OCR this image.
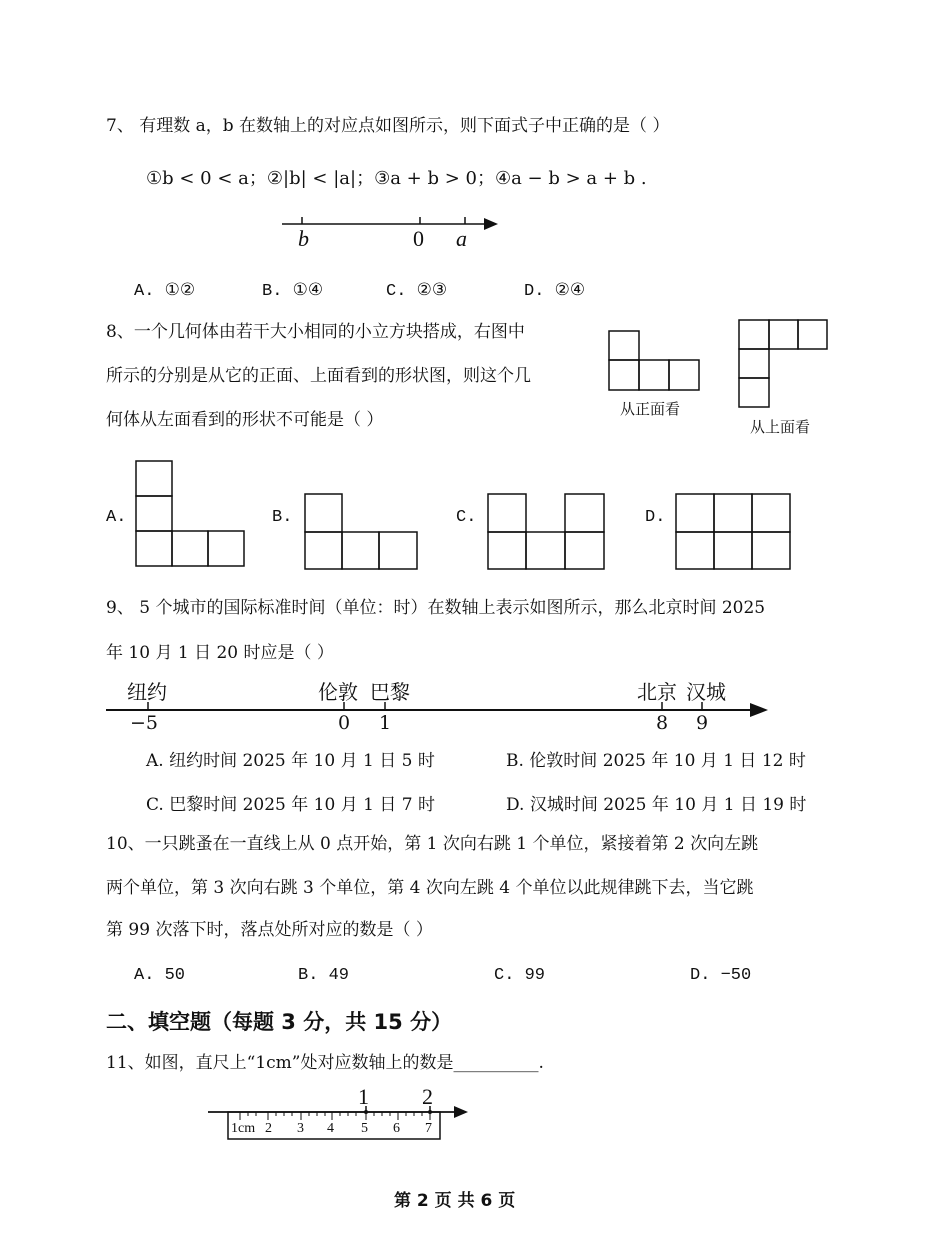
7、 有理数 a，b 在数轴上的对应点如图所示，则下面式子中正确的是（ ）
①b < 0 < a；②|b| < |a|；③a + b > 0；④a − b > a + b .
b	0 a
A. ①②	B. ①④	C. ②③	D. ②④
8、一个几何体由若干大小相同的小立方块搭成，右图中
所示的分别是从它的正面、上面看到的形状图，则这个几
何体从左面看到的形状不可能是（ ）
从正面看
从上面看
A.	B.	C.	D.
9、 5 个城市的国际标准时间（单位：时）在数轴上表示如图所示，那么北京时间 2025
年 10 月 1 日 20 时应是（ ）
纽约	伦敦 巴黎	北京 汉城
−5	0 1	8 9
A. 纽约时间 2025 年 10 月 1 日 5 时	B. 伦敦时间 2025 年 10 月 1 日 12 时
C. 巴黎时间 2025 年 10 月 1 日 7 时	D. 汉城时间 2025 年 10 月 1 日 19 时
10、一只跳蚤在一直线上从 0 点开始，第 1 次向右跳 1 个单位，紧接着第 2 次向左跳
两个单位，第 3 次向右跳 3 个单位，第 4 次向左跳 4 个单位以此规律跳下去，当它跳
第 99 次落下时，落点处所对应的数是（ ）
A. 50	B. 49	C. 99	D. −50
二、填空题（每题 3 分，共 15 分）
11、如图，直尺上“1cm”处对应数轴上的数是__________.
1 2
1cm 2 3 4 5 6 7
第 2 页 共 6 页
